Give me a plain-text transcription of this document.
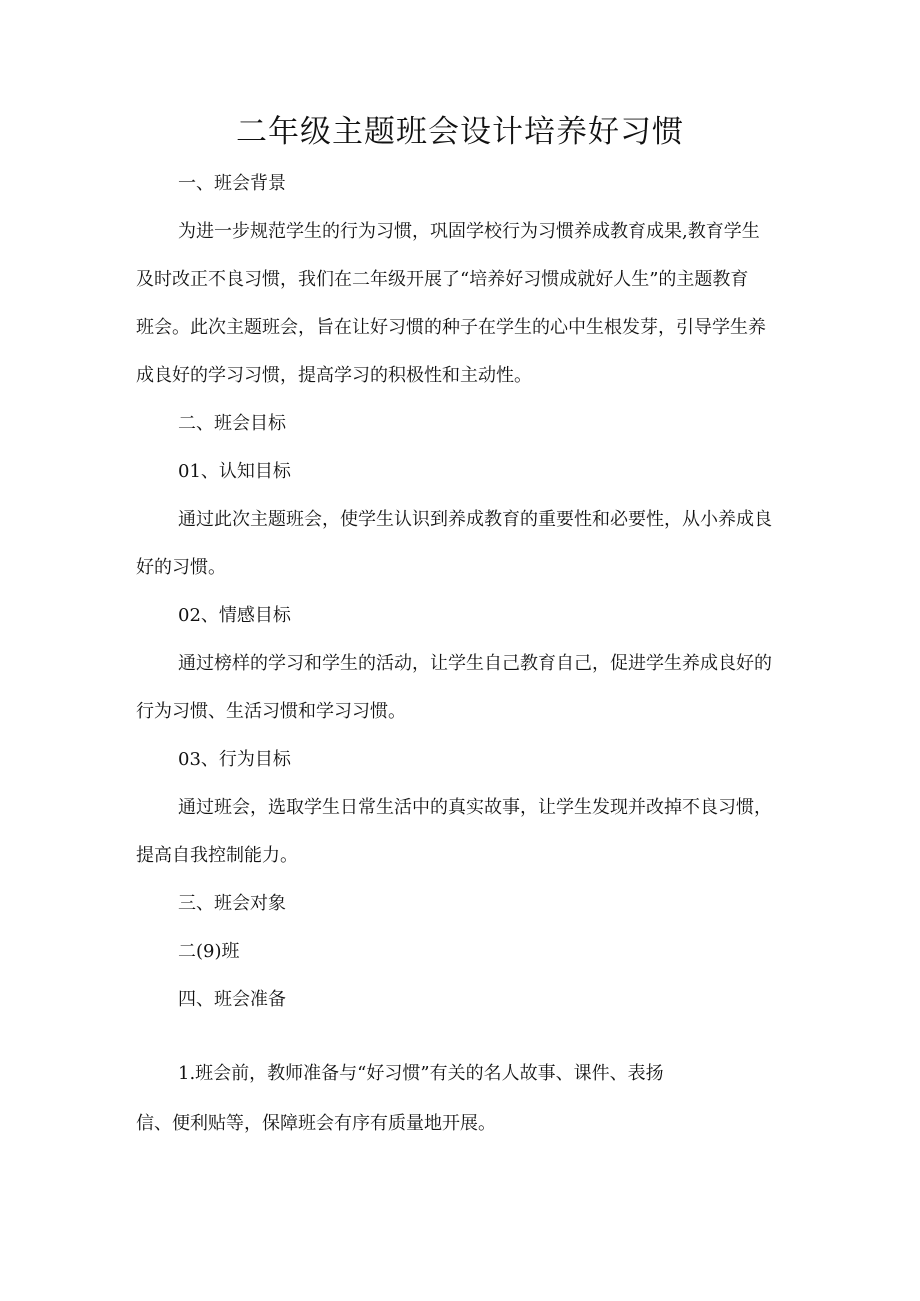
二年级主题班会设计培养好习惯
一、班会背景
为进一步规范学生的行为习惯，巩固学校行为习惯养成教育成果,教育学生
及时改正不良习惯，我们在二年级开展了“培养好习惯成就好人生”的主题教育
班会。此次主题班会，旨在让好习惯的种子在学生的心中生根发芽，引导学生养
成良好的学习习惯，提高学习的积极性和主动性。
二、班会目标
01、认知目标
通过此次主题班会，使学生认识到养成教育的重要性和必要性，从小养成良
好的习惯。
02、情感目标
通过榜样的学习和学生的活动，让学生自己教育自己，促进学生养成良好的
行为习惯、生活习惯和学习习惯。
03、行为目标
通过班会，选取学生日常生活中的真实故事，让学生发现并改掉不良习惯，
提高自我控制能力。
三、班会对象
二(9)班
四、班会准备
1.班会前，教师准备与“好习惯”有关的名人故事、课件、表扬
信、便利贴等，保障班会有序有质量地开展。
